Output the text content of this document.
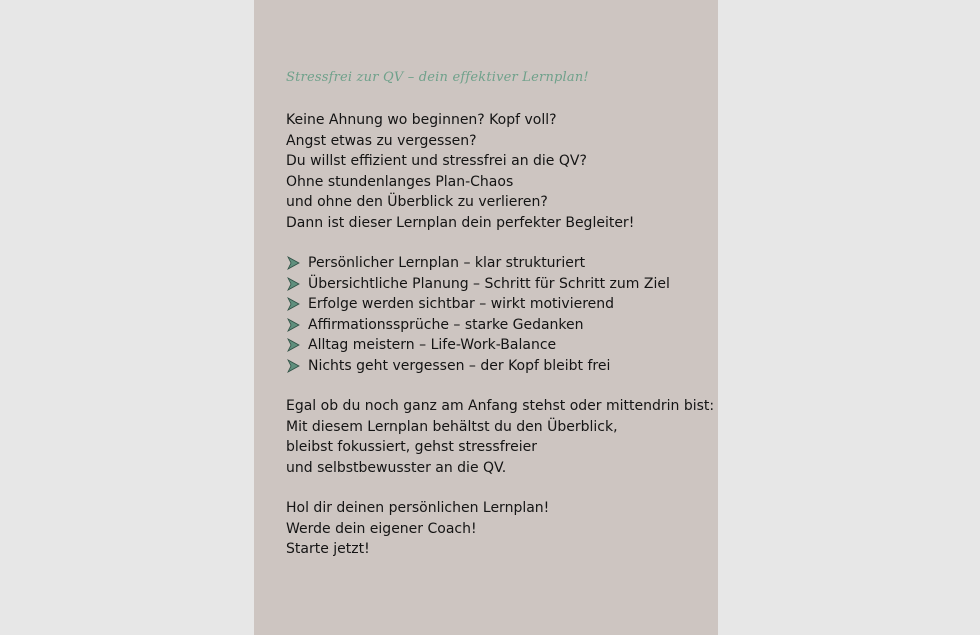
Stressfrei zur QV – dein effektiver Lernplan!
Keine Ahnung wo beginnen? Kopf voll?
Angst etwas zu vergessen?
Du willst effizient und stressfrei an die QV?
Ohne stundenlanges Plan-Chaos
und ohne den Überblick zu verlieren?
Dann ist dieser Lernplan dein perfekter Begleiter!
Persönlicher Lernplan – klar strukturiert
Übersichtliche Planung – Schritt für Schritt zum Ziel
Erfolge werden sichtbar – wirkt motivierend
Affirmationssprüche – starke Gedanken
Alltag meistern – Life-Work-Balance
Nichts geht vergessen – der Kopf bleibt frei
Egal ob du noch ganz am Anfang stehst oder mittendrin bist:
Mit diesem Lernplan behältst du den Überblick,
bleibst fokussiert, gehst stressfreier
und selbstbewusster an die QV.
Hol dir deinen persönlichen Lernplan!
Werde dein eigener Coach!
Starte jetzt!
